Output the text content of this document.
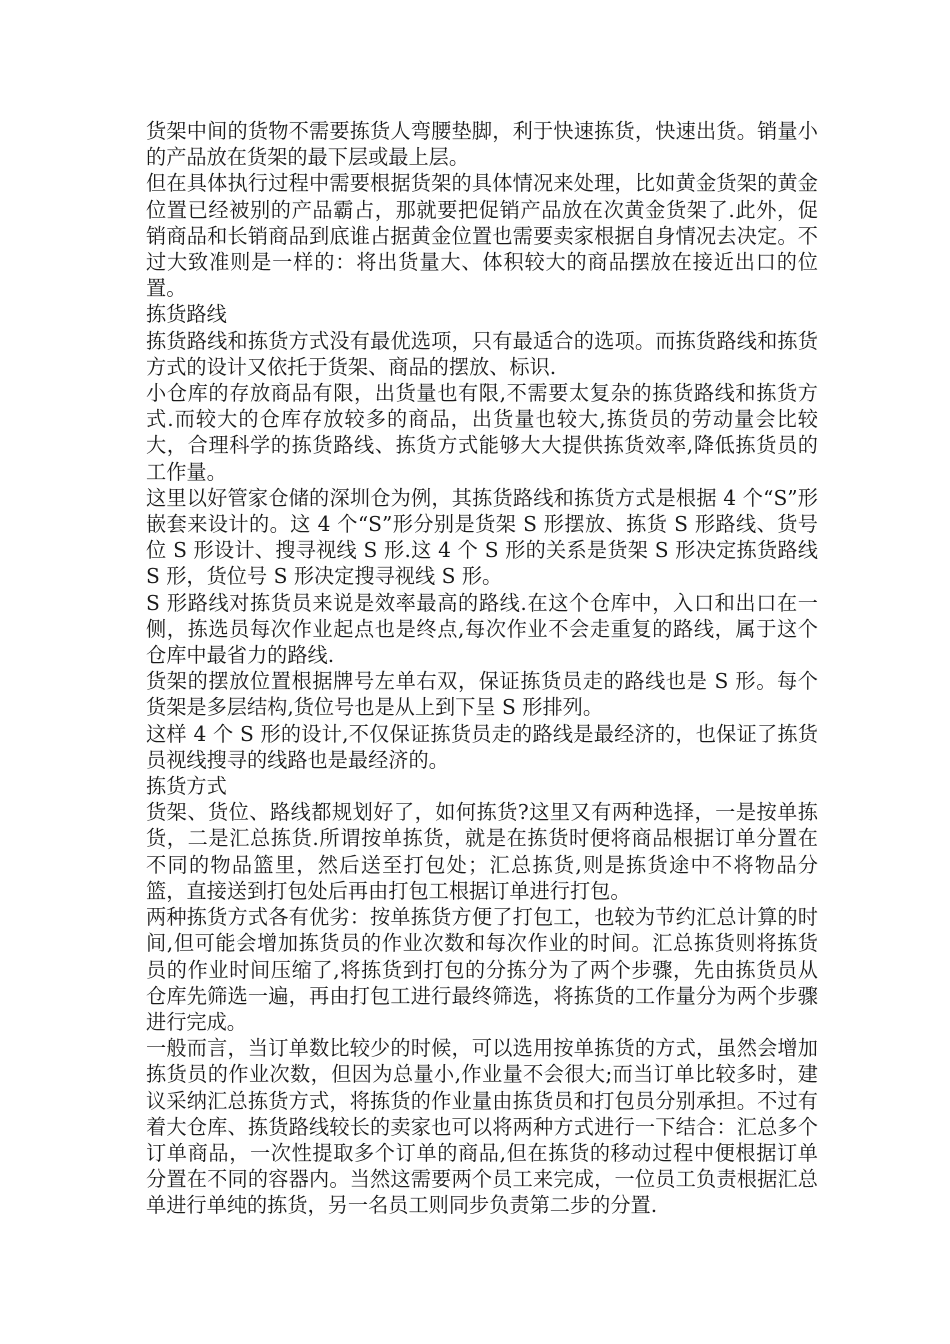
货架中间的货物不需要拣货人弯腰垫脚，利于快速拣货，快速出货。销量小的产品放在货架的最下层或最上层。

但在具体执行过程中需要根据货架的具体情况来处理，比如黄金货架的黄金位置已经被别的产品霸占，那就要把促销产品放在次黄金货架了.此外，促销商品和长销商品到底谁占据黄金位置也需要卖家根据自身情况去决定。不过大致准则是一样的：将出货量大、体积较大的商品摆放在接近出口的位置。

拣货路线

拣货路线和拣货方式没有最优选项，只有最适合的选项。而拣货路线和拣货方式的设计又依托于货架、商品的摆放、标识.

小仓库的存放商品有限，出货量也有限,不需要太复杂的拣货路线和拣货方式.而较大的仓库存放较多的商品，出货量也较大,拣货员的劳动量会比较大，合理科学的拣货路线、拣货方式能够大大提供拣货效率,降低拣货员的工作量。

这里以好管家仓储的深圳仓为例，其拣货路线和拣货方式是根据 4 个“S”形嵌套来设计的。这 4 个“S”形分别是货架 S 形摆放、拣货 S 形路线、货号位 S 形设计、搜寻视线 S 形.这 4 个 S 形的关系是货架 S 形决定拣货路线 S 形，货位号 S 形决定搜寻视线 S 形。

S 形路线对拣货员来说是效率最高的路线.在这个仓库中，入口和出口在一侧，拣选员每次作业起点也是终点,每次作业不会走重复的路线，属于这个仓库中最省力的路线.

货架的摆放位置根据牌号左单右双，保证拣货员走的路线也是 S 形。每个货架是多层结构,货位号也是从上到下呈 S 形排列。

这样 4 个 S 形的设计,不仅保证拣货员走的路线是最经济的，也保证了拣货员视线搜寻的线路也是最经济的。

拣货方式

货架、货位、路线都规划好了，如何拣货?这里又有两种选择，一是按单拣货，二是汇总拣货.所谓按单拣货，就是在拣货时便将商品根据订单分置在不同的物品篮里，然后送至打包处；汇总拣货,则是拣货途中不将物品分篮，直接送到打包处后再由打包工根据订单进行打包。

两种拣货方式各有优劣：按单拣货方便了打包工，也较为节约汇总计算的时间,但可能会增加拣货员的作业次数和每次作业的时间。汇总拣货则将拣货员的作业时间压缩了,将拣货到打包的分拣分为了两个步骤，先由拣货员从仓库先筛选一遍，再由打包工进行最终筛选，将拣货的工作量分为两个步骤进行完成。

一般而言，当订单数比较少的时候，可以选用按单拣货的方式，虽然会增加拣货员的作业次数，但因为总量小,作业量不会很大;而当订单比较多时，建议采纳汇总拣货方式，将拣货的作业量由拣货员和打包员分别承担。不过有着大仓库、拣货路线较长的卖家也可以将两种方式进行一下结合：汇总多个订单商品，一次性提取多个订单的商品,但在拣货的移动过程中便根据订单分置在不同的容器内。当然这需要两个员工来完成，一位员工负责根据汇总单进行单纯的拣货，另一名员工则同步负责第二步的分置.
